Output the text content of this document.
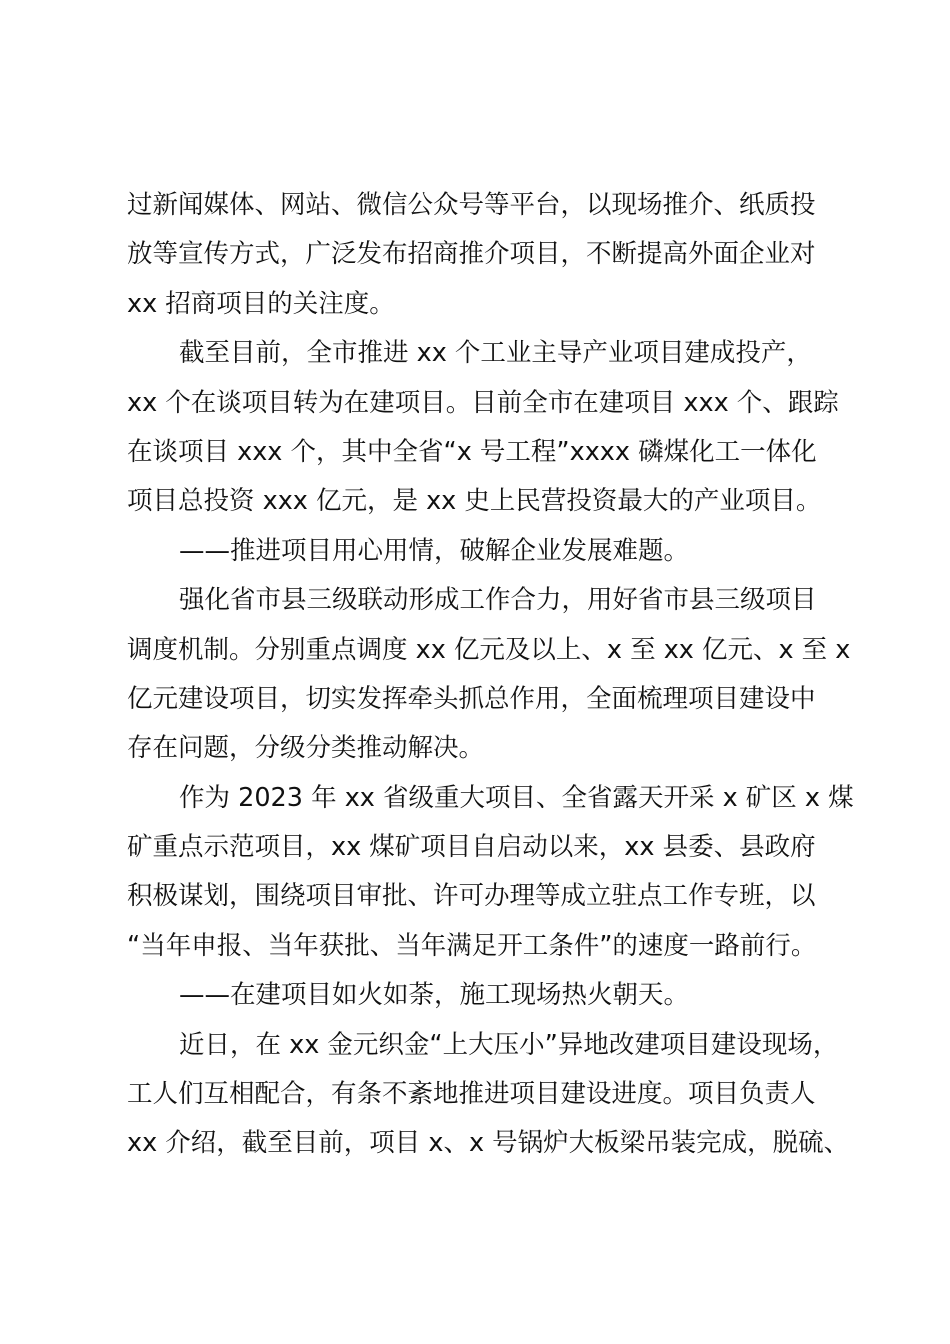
过新闻媒体、网站、微信公众号等平台，以现场推介、纸质投
放等宣传方式，广泛发布招商推介项目，不断提高外面企业对
xx 招商项目的关注度。
截至目前，全市推进 xx 个工业主导产业项目建成投产，
xx 个在谈项目转为在建项目。目前全市在建项目 xxx 个、跟踪
在谈项目 xxx 个，其中全省“x 号工程”xxxx 磷煤化工一体化
项目总投资 xxx 亿元，是 xx 史上民营投资最大的产业项目。
——推进项目用心用情，破解企业发展难题。
强化省市县三级联动形成工作合力，用好省市县三级项目
调度机制。分别重点调度 xx 亿元及以上、x 至 xx 亿元、x 至 x
亿元建设项目，切实发挥牵头抓总作用，全面梳理项目建设中
存在问题，分级分类推动解决。
作为 2023 年 xx 省级重大项目、全省露天开采 x 矿区 x 煤
矿重点示范项目，xx 煤矿项目自启动以来，xx 县委、县政府
积极谋划，围绕项目审批、许可办理等成立驻点工作专班，以
“当年申报、当年获批、当年满足开工条件”的速度一路前行。
——在建项目如火如荼，施工现场热火朝天。
近日，在 xx 金元织金“上大压小”异地改建项目建设现场，
工人们互相配合，有条不紊地推进项目建设进度。项目负责人
xx 介绍，截至目前，项目 x、x 号锅炉大板梁吊装完成，脱硫、
